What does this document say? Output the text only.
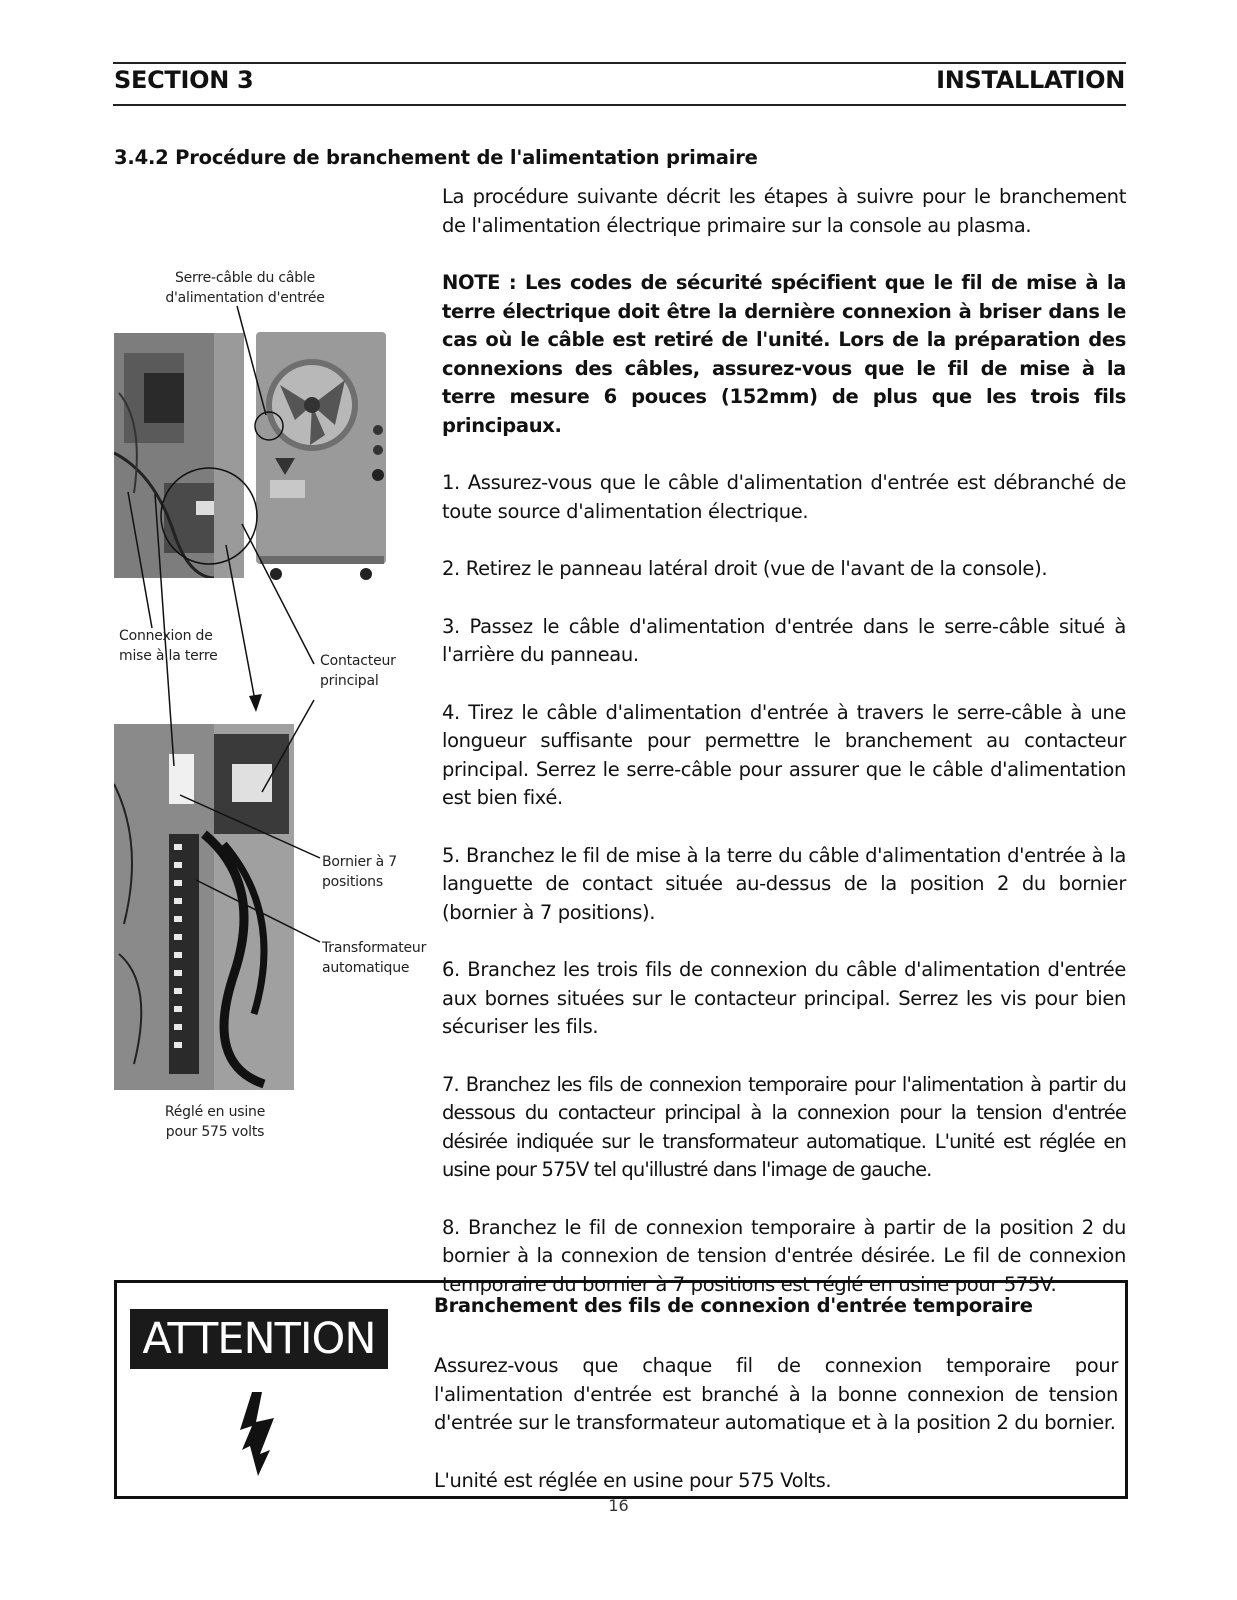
SECTION 3	INSTALLATION
3.4.2 Procédure de branchement de l'alimentation primaire

La procédure suivante décrit les étapes à suivre pour le branchement de l'alimentation électrique primaire sur la console au plasma.

NOTE : Les codes de sécurité spécifient que le fil de mise à la terre électrique doit être la dernière connexion à briser dans le cas où le câble est retiré de l'unité. Lors de la préparation des connexions des câbles, assurez-vous que le fil de mise à la terre mesure 6 pouces (152mm) de plus que les trois fils principaux.

1. Assurez-vous que le câble d'alimentation d'entrée est débranché de toute source d'alimentation électrique.

2. Retirez le panneau latéral droit (vue de l'avant de la console).

3. Passez le câble d'alimentation d'entrée dans le serre-câble situé à l'arrière du panneau.

4. Tirez le câble d'alimentation d'entrée à travers le serre-câble à une longueur suffisante pour permettre le branchement au contacteur principal. Serrez le serre-câble pour assurer que le câble d'alimentation est bien fixé.

5. Branchez le fil de mise à la terre du câble d'alimentation d'entrée à la languette de contact située au-dessus de la position 2 du bornier (bornier à 7 positions).

6. Branchez les trois fils de connexion du câble d'alimentation d'entrée aux bornes situées sur le contacteur principal. Serrez les vis pour bien sécuriser les fils.

7. Branchez les fils de connexion temporaire pour l'alimentation à partir du dessous du contacteur principal à la connexion pour la tension d'entrée désirée indiquée sur le transformateur automatique. L'unité est réglée en usine pour 575V tel qu'illustré dans l'image de gauche.

8. Branchez le fil de connexion temporaire à partir de la position 2 du bornier à la connexion de tension d'entrée désirée. Le fil de connexion temporaire du bornier à 7 positions est réglé en usine pour 575V.

Serre-câble du câble
d'alimentation d'entrée
Connexion de
mise à la terre	Contacteur
principal
Bornier à 7
positions
Transformateur
automatique
Réglé en usine
pour 575 volts
ATTENTION
Branchement des fils de connexion d'entrée temporaire

Assurez-vous que chaque fil de connexion temporaire pour l'alimentation d'entrée est branché à la bonne connexion de tension d'entrée sur le transformateur automatique et à la position 2 du bornier.

L'unité est réglée en usine pour 575 Volts.

16
